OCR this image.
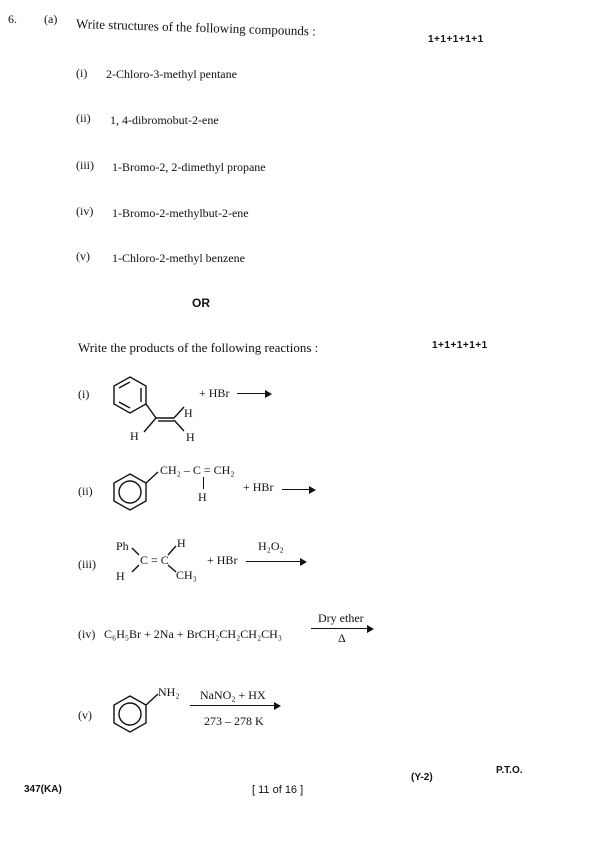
6. (a) Write structures of the following compounds :
1+1+1+1+1
(i) 2-Chloro-3-methyl pentane
(ii) 1, 4-dibromobut-2-ene
(iii) 1-Bromo-2, 2-dimethyl propane
(iv) 1-Bromo-2-methylbut-2-ene
(v) 1-Chloro-2-methyl benzene
OR
Write the products of the following reactions :	1+1+1+1+1
(i)
H
H
H
+ HBr →
(ii)
CH₂ – C = CH₂
H
+ HBr →
(iii)
Ph
H
C = C
H
CH₃
+ HBr
H₂O₂
(iv) C₆H₅Br + 2Na + BrCH₂CH₂CH₂CH₃
Dry ether
Δ
(v)
NH₂ NaNO₂ + HX
273 – 278 K
347(KA)	[ 11 of 16 ]
(Y-2)
P.T.O.
